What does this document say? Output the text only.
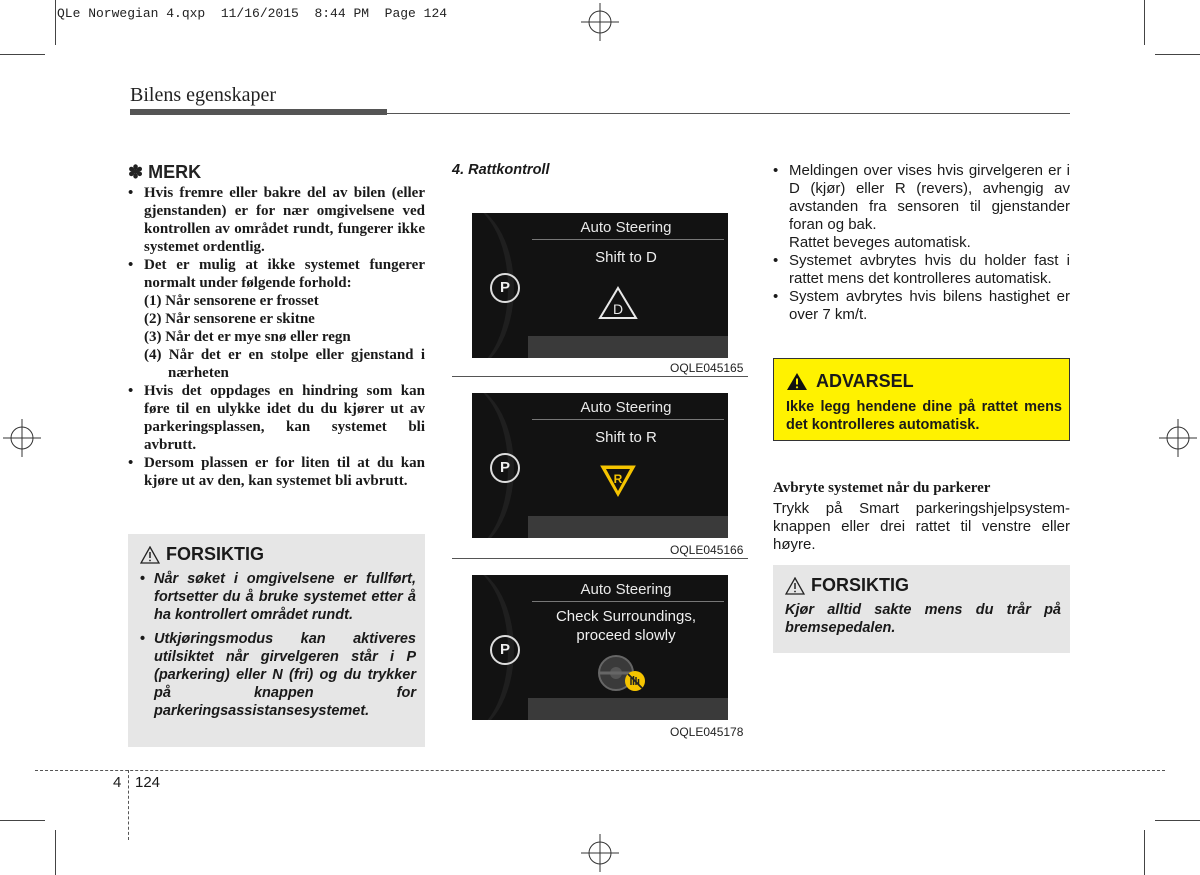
QLe Norwegian 4.qxp  11/16/2015  8:44 PM  Page 124
Bilens egenskaper
✽ MERK
• Hvis fremre eller bakre del av bilen (eller gjenstanden) er for nær omgivelsene ved kontrollen av området rundt, fungerer ikke systemet ordentlig.
• Det er mulig at ikke systemet fungerer normalt under følgende forhold:
(1) Når sensorene er frosset
(2) Når sensorene er skitne
(3) Når det er mye snø eller regn
(4) Når det er en stolpe eller gjenstand i nærheten
• Hvis det oppdages en hindring som kan føre til en ulykke idet du du kjører ut av parkeringsplassen, kan systemet bli avbrutt.
• Dersom plassen er for liten til at du kan kjøre ut av den, kan systemet bli avbrutt.
FORSIKTIG
• Når søket i omgivelsene er fullført, fortsetter du å bruke systemet etter å ha kontrollert området rundt.
• Utkjøringsmodus kan aktiveres utilsiktet når girvelgeren står i P (parkering) eller N (fri) og du trykker på knappen for parkeringsassistansesystemet.
4. Rattkontroll
Auto Steering
P
Shift to D
D
OQLE045165
Auto Steering
P
Shift to R
R
OQLE045166
Auto Steering
P
Check Surroundings,
proceed slowly
OQLE045178
• Meldingen over vises hvis girvelgeren er i D (kjør) eller R (revers), avhengig av avstanden fra sensoren til gjenstander foran og bak.
Rattet beveges automatisk.
• Systemet avbrytes hvis du holder fast i rattet mens det kontrolleres automatisk.
• System avbrytes hvis bilens hastighet er over 7 km/t.
ADVARSEL
Ikke legg hendene dine på rattet mens det kontrolleres automatisk.
Avbryte systemet når du parkerer
Trykk på Smart parkeringshjelpsystem-knappen eller drei rattet til venstre eller høyre.
FORSIKTIG
Kjør alltid sakte mens du trår på bremsepedalen.
4 124
